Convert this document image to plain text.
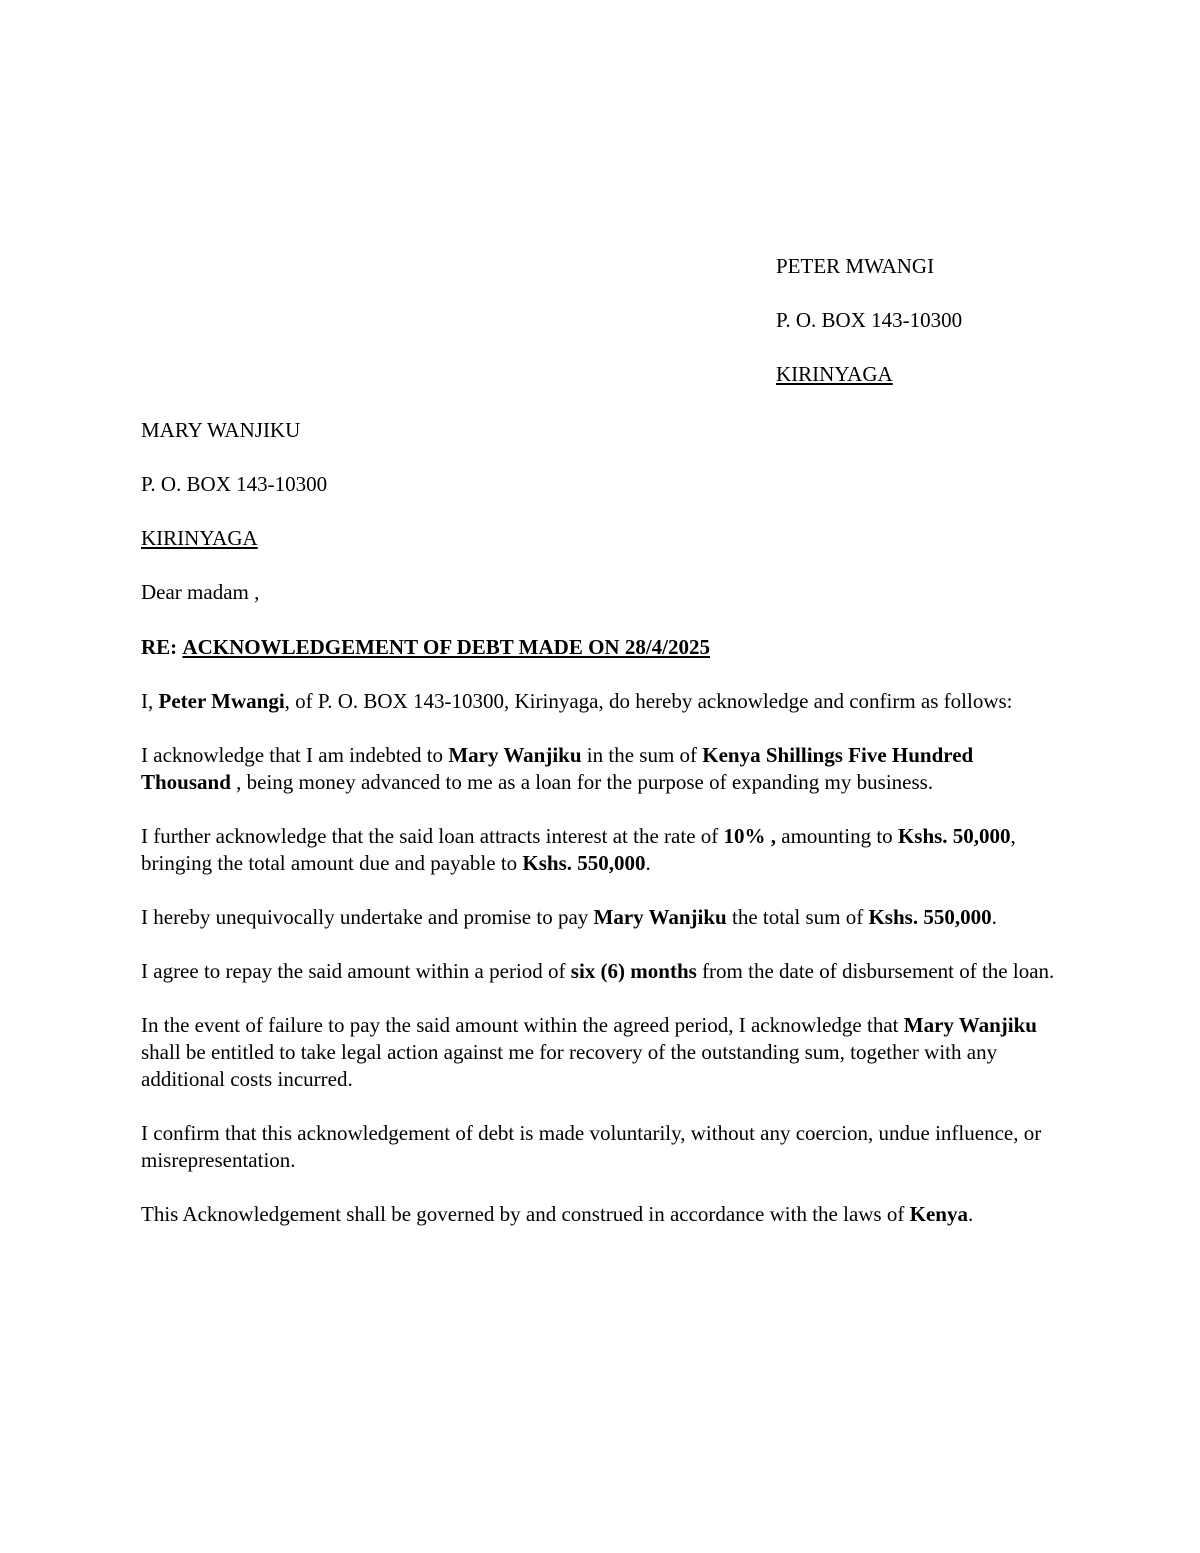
PETER MWANGI
P. O. BOX 143-10300
KIRINYAGA
MARY WANJIKU
P. O. BOX 143-10300
KIRINYAGA
Dear madam ,
RE: ACKNOWLEDGEMENT OF DEBT MADE ON 28/4/2025

I, Peter Mwangi, of P. O. BOX 143-10300, Kirinyaga, do hereby acknowledge and confirm as follows:

I acknowledge that I am indebted to Mary Wanjiku in the sum of Kenya Shillings Five Hundred Thousand , being money advanced to me as a loan for the purpose of expanding my business.

I further acknowledge that the said loan attracts interest at the rate of 10% , amounting to Kshs. 50,000, bringing the total amount due and payable to Kshs. 550,000.

I hereby unequivocally undertake and promise to pay Mary Wanjiku the total sum of Kshs. 550,000.

I agree to repay the said amount within a period of six (6) months from the date of disbursement of the loan.

In the event of failure to pay the said amount within the agreed period, I acknowledge that Mary Wanjiku shall be entitled to take legal action against me for recovery of the outstanding sum, together with any additional costs incurred.

I confirm that this acknowledgement of debt is made voluntarily, without any coercion, undue influence, or misrepresentation.

This Acknowledgement shall be governed by and construed in accordance with the laws of Kenya.
